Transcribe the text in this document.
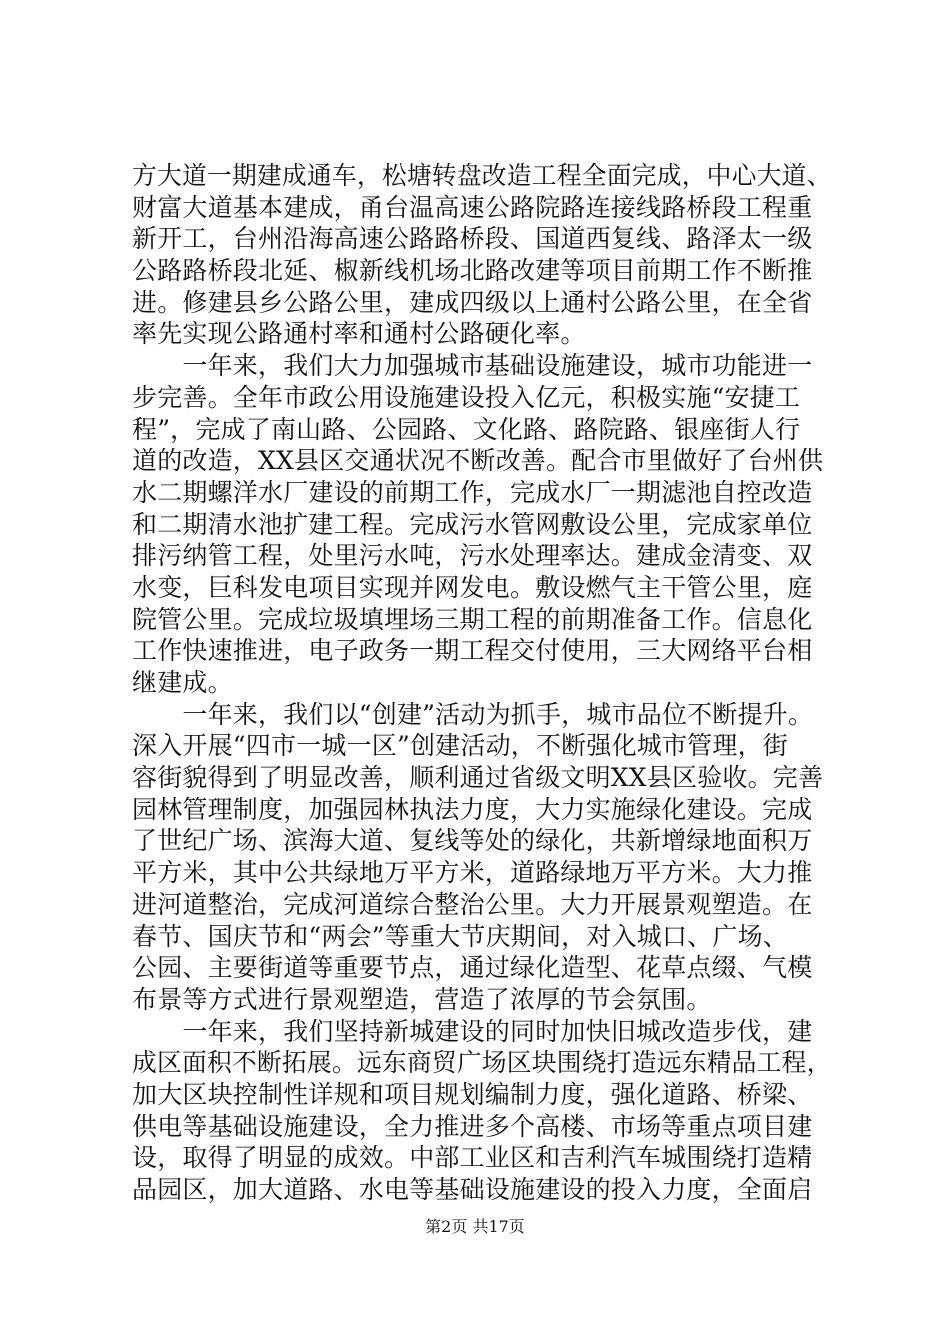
方大道一期建成通车，松塘转盘改造工程全面完成，中心大道、
财富大道基本建成，甬台温高速公路院路连接线路桥段工程重
新开工，台州沿海高速公路路桥段、国道西复线、路泽太一级
公路路桥段北延、椒新线机场北路改建等项目前期工作不断推
进。修建县乡公路公里，建成四级以上通村公路公里，在全省
率先实现公路通村率和通村公路硬化率。
　　一年来，我们大力加强城市基础设施建设，城市功能进一
步完善。全年市政公用设施建设投入亿元，积极实施“安捷工
程”，完成了南山路、公园路、文化路、路院路、银座街人行
道的改造，XX县区交通状况不断改善。配合市里做好了台州供
水二期螺洋水厂建设的前期工作，完成水厂一期滤池自控改造
和二期清水池扩建工程。完成污水管网敷设公里，完成家单位
排污纳管工程，处里污水吨，污水处理率达。建成金清变、双
水变，巨科发电项目实现并网发电。敷设燃气主干管公里，庭
院管公里。完成垃圾填埋场三期工程的前期准备工作。信息化
工作快速推进，电子政务一期工程交付使用，三大网络平台相
继建成。
　　一年来，我们以“创建”活动为抓手，城市品位不断提升。
深入开展“四市一城一区”创建活动，不断强化城市管理，街
容街貌得到了明显改善，顺利通过省级文明XX县区验收。完善
园林管理制度，加强园林执法力度，大力实施绿化建设。完成
了世纪广场、滨海大道、复线等处的绿化，共新增绿地面积万
平方米，其中公共绿地万平方米，道路绿地万平方米。大力推
进河道整治，完成河道综合整治公里。大力开展景观塑造。在
春节、国庆节和“两会”等重大节庆期间，对入城口、广场、
公园、主要街道等重要节点，通过绿化造型、花草点缀、气模
布景等方式进行景观塑造，营造了浓厚的节会氛围。
　　一年来，我们坚持新城建设的同时加快旧城改造步伐，建
成区面积不断拓展。远东商贸广场区块围绕打造远东精品工程，
加大区块控制性详规和项目规划编制力度，强化道路、桥梁、
供电等基础设施建设，全力推进多个高楼、市场等重点项目建
设，取得了明显的成效。中部工业区和吉利汽车城围绕打造精
品园区，加大道路、水电等基础设施建设的投入力度，全面启
第2页 共17页
